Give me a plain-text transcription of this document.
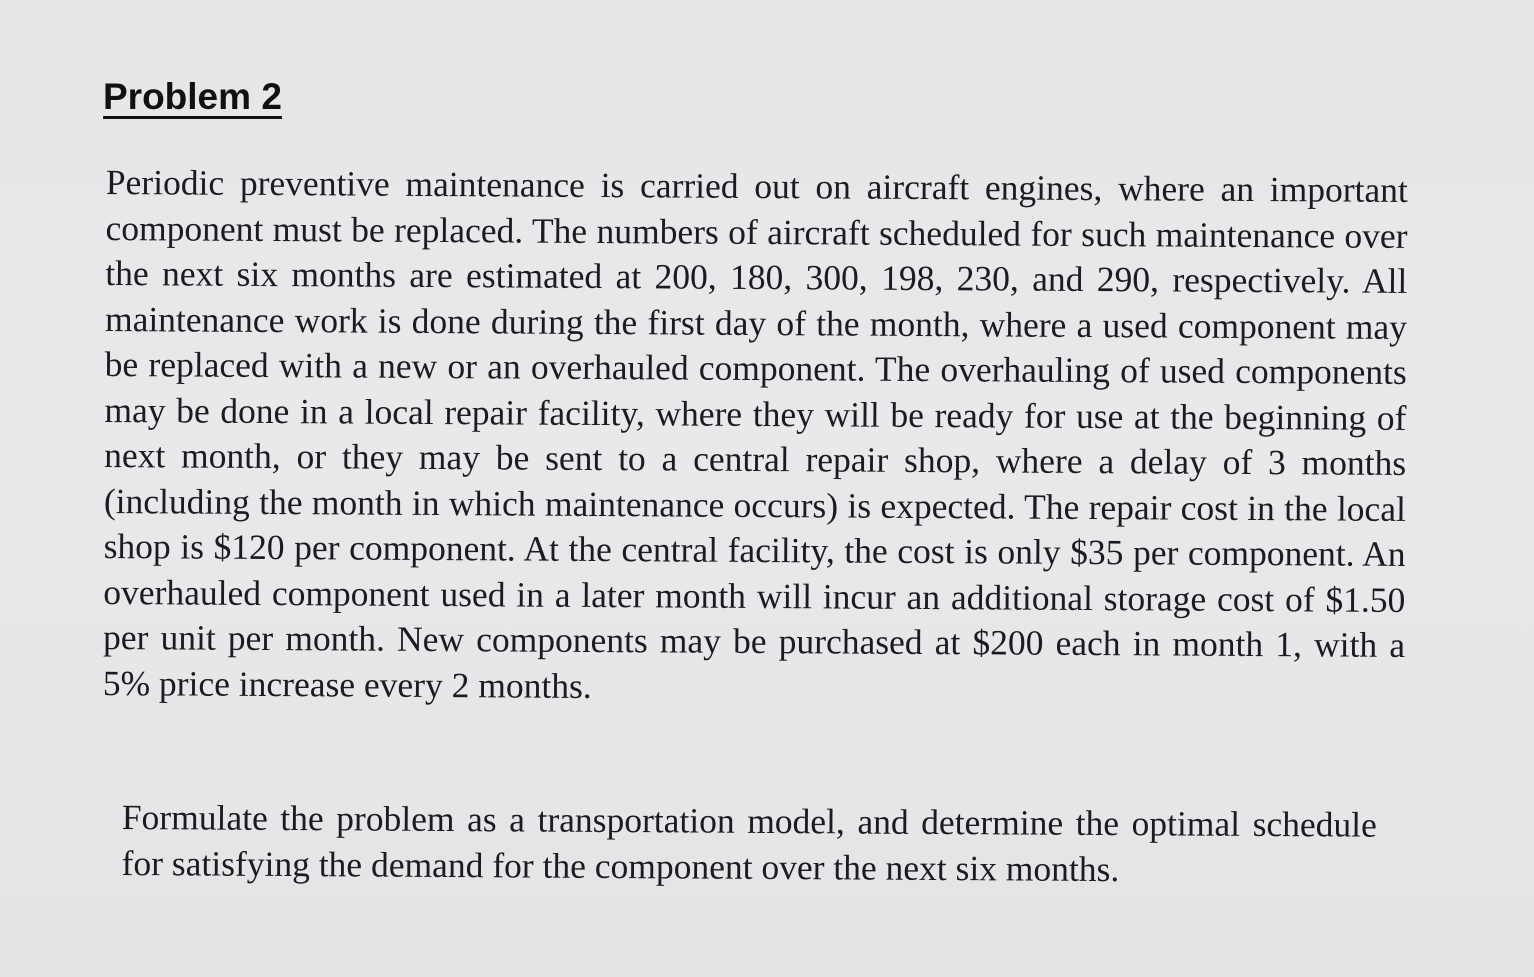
Problem 2

Periodic preventive maintenance is carried out on aircraft engines, where an important component must be replaced. The numbers of aircraft scheduled for such maintenance over the next six months are estimated at 200, 180, 300, 198, 230, and 290, respectively. All maintenance work is done during the first day of the month, where a used component may be replaced with a new or an overhauled component. The overhauling of used components may be done in a local repair facility, where they will be ready for use at the beginning of next month, or they may be sent to a central repair shop, where a delay of 3 months (including the month in which maintenance occurs) is expected. The repair cost in the local shop is $120 per component. At the central facility, the cost is only $35 per component. An overhauled component used in a later month will incur an additional storage cost of $1.50 per unit per month. New components may be purchased at $200 each in month 1, with a 5% price increase every 2 months.

Formulate the problem as a transportation model, and determine the optimal schedule for satisfying the demand for the component over the next six months.
